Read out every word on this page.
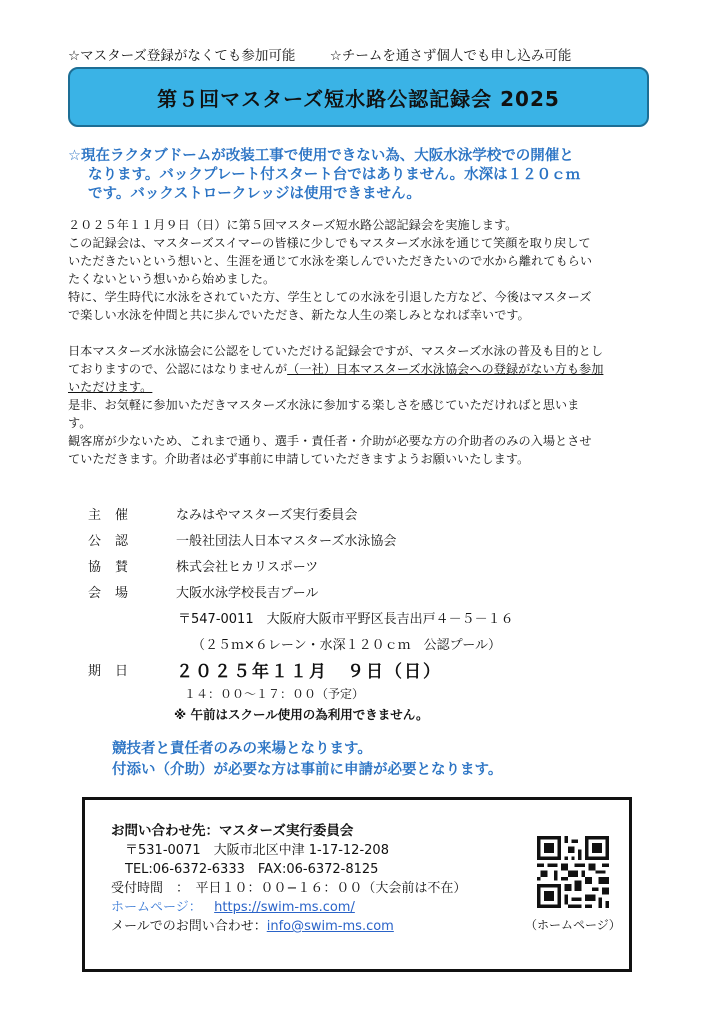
☆マスターズ登録がなくても参加可能	☆チームを通さず個人でも申し込み可能
第５回マスターズ短水路公認記録会 2025
☆現在ラクタブドームが改装工事で使用できない為、大阪水泳学校での開催と
なります。バックプレート付スタート台ではありません。水深は１２０ｃｍ
です。バックストロークレッジは使用できません。

２０２５年１１月９日（日）に第５回マスターズ短水路公認記録会を実施します。

この記録会は、マスターズスイマーの皆様に少しでもマスターズ水泳を通じて笑顔を取り戻して

いただきたいという想いと、生涯を通じて水泳を楽しんでいただきたいので水から離れてもらい

たくないという想いから始めました。

特に、学生時代に水泳をされていた方、学生としての水泳を引退した方など、今後はマスターズ

で楽しい水泳を仲間と共に歩んでいただき、新たな人生の楽しみとなれば幸いです。

日本マスターズ水泳協会に公認をしていただける記録会ですが、マスターズ水泳の普及も目的とし

ておりますので、公認にはなりませんが（一社）日本マスターズ水泳協会への登録がない方も参加

いただけます。

是非、お気軽に参加いただきマスターズ水泳に参加する楽しさを感じていただければと思いま

す。

観客席が少ないため、これまで通り、選手・責任者・介助が必要な方の介助者のみの入場とさせ

ていただきます。介助者は必ず事前に申請していただきますようお願いいたします。

主催	なみはやマスターズ実行委員会
公認	一般社団法人日本マスターズ水泳協会
協賛	株式会社ヒカリスポーツ
会場	大阪水泳学校長吉プール
〒547-0011　大阪府大阪市平野区長吉出戸４－５－１６
（２５ｍ×６レーン・水深１２０ｃｍ　公認プール）
期日	２０２５年１１月　９日（日）
１４：００～１７：００（予定）
※ 午前はスクール使用の為利用できません。
競技者と責任者のみの来場となります。
付添い（介助）が必要な方は事前に申請が必要となります。
お問い合わせ先：マスターズ実行委員会
〒531-0071　大阪市北区中津 1-17-12-208
TEL:06-6372-6333　FAX:06-6372-8125
受付時間　：　平日１０：００−１６：００（大会前は不在）
ホームページ： https://swim-ms.com/
メールでのお問い合わせ：info@swim-ms.com	（ホームページ）
